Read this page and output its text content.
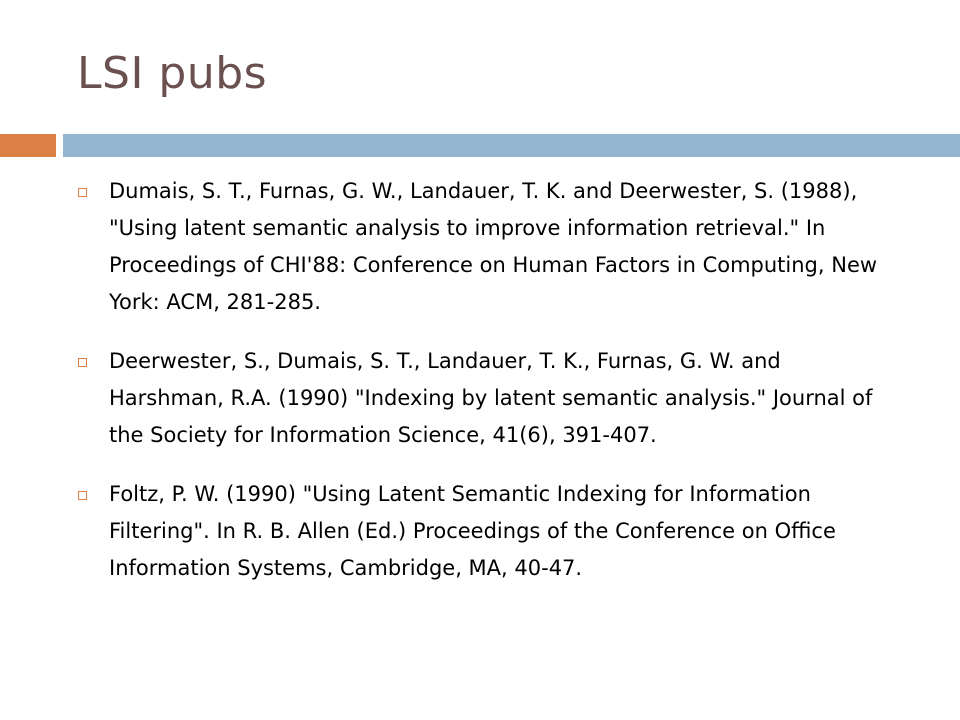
LSI pubs
Dumais, S. T., Furnas, G. W., Landauer, T. K. and Deerwester, S. (1988), "Using latent semantic analysis to improve information retrieval." In Proceedings of CHI'88: Conference on Human Factors in Computing, New York: ACM, 281-285.
Deerwester, S., Dumais, S. T., Landauer, T. K., Furnas, G. W. and Harshman, R.A. (1990) "Indexing by latent semantic analysis." Journal of the Society for Information Science, 41(6), 391-407.
Foltz, P. W. (1990) "Using Latent Semantic Indexing for Information Filtering". In R. B. Allen (Ed.) Proceedings of the Conference on Office Information Systems, Cambridge, MA, 40-47.
